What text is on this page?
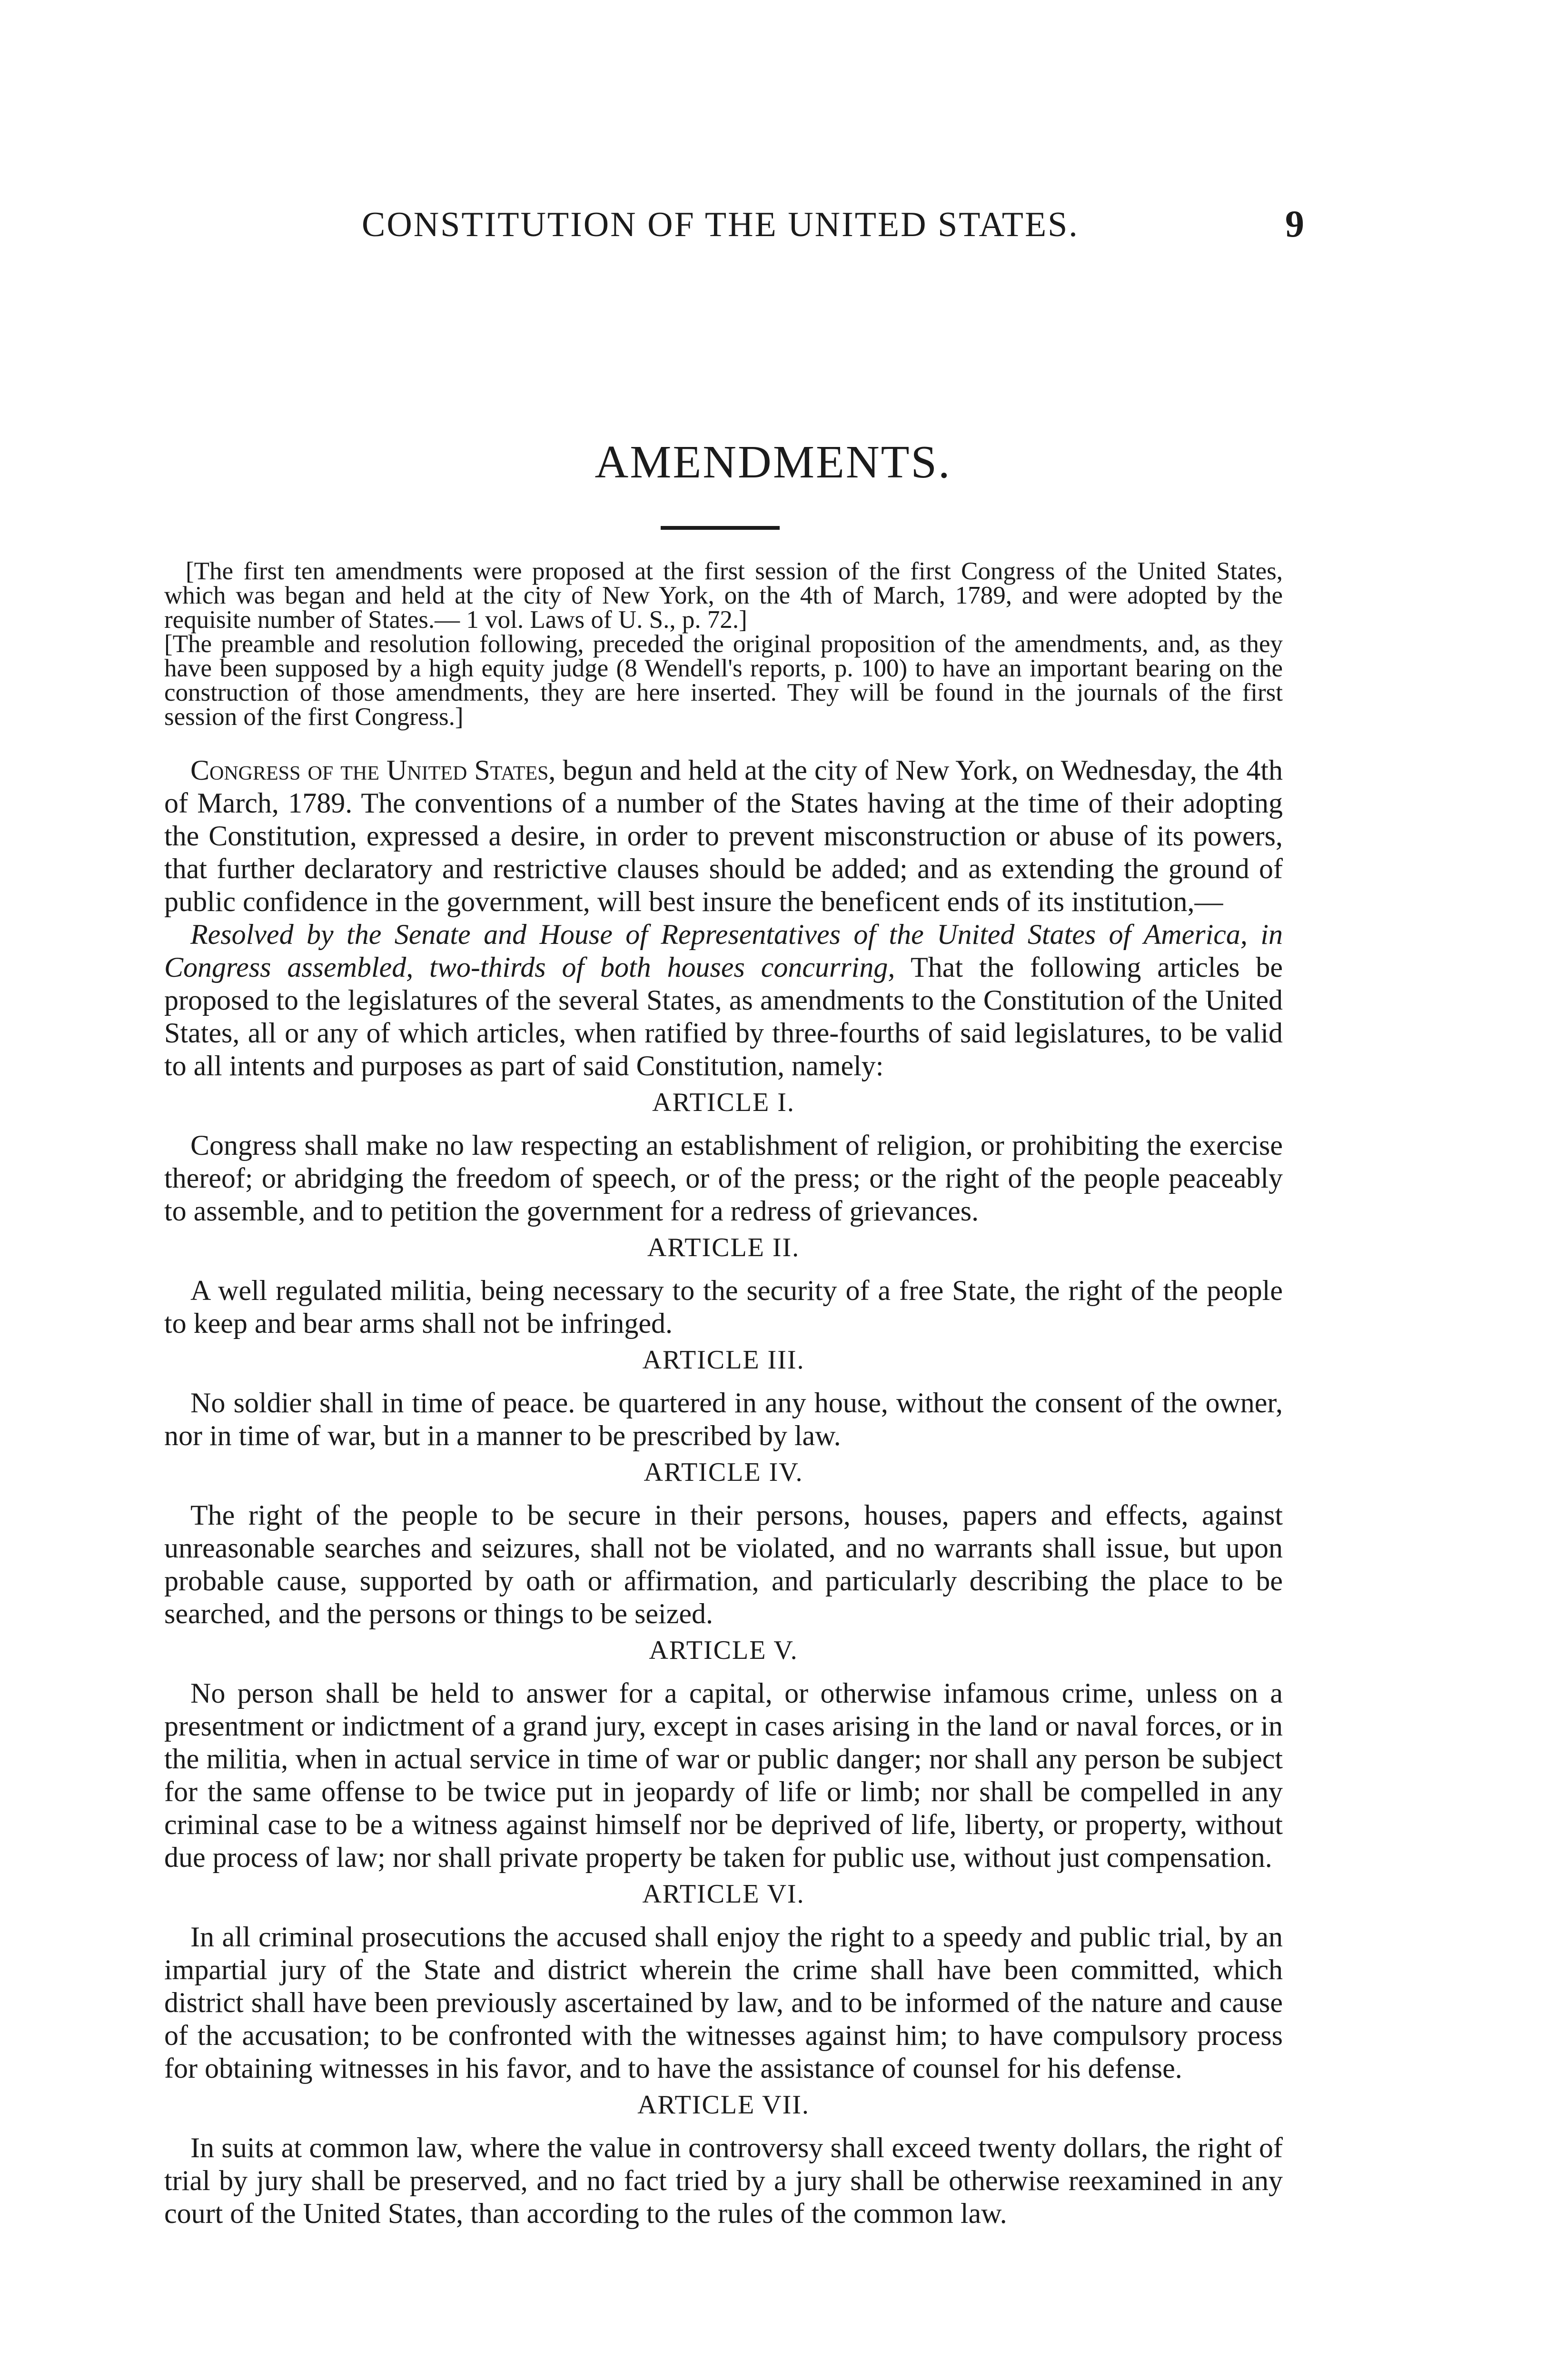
CONSTITUTION OF THE UNITED STATES.	9
AMENDMENTS.

[The first ten amendments were proposed at the first session of the first Congress of the United States, which was began and held at the city of New York, on the 4th of March, 1789, and were adopted by the requisite number of States.— 1 vol. Laws of U. S., p. 72.]

[The preamble and resolution following, preceded the original proposition of the amendments, and, as they have been supposed by a high equity judge (8 Wendell's reports, p. 100) to have an important bearing on the construction of those amendments, they are here inserted. They will be found in the journals of the first session of the first Congress.]

Congress of the United States, begun and held at the city of New York, on Wednesday, the 4th of March, 1789. The conventions of a number of the States having at the time of their adopting the Constitution, expressed a desire, in order to prevent misconstruction or abuse of its powers, that further declaratory and restrictive clauses should be added; and as extending the ground of public confidence in the government, will best insure the beneficent ends of its institution,—

Resolved by the Senate and House of Representatives of the United States of America, in Congress assembled, two-thirds of both houses concurring, That the following articles be proposed to the legislatures of the several States, as amendments to the Constitution of the United States, all or any of which articles, when ratified by three-fourths of said legislatures, to be valid to all intents and purposes as part of said Constitution, namely:

ARTICLE I.

Congress shall make no law respecting an establishment of religion, or prohibiting the exercise thereof; or abridging the freedom of speech, or of the press; or the right of the people peaceably to assemble, and to petition the government for a redress of grievances.

ARTICLE II.

A well regulated militia, being necessary to the security of a free State, the right of the people to keep and bear arms shall not be infringed.

ARTICLE III.

No soldier shall in time of peace. be quartered in any house, without the consent of the owner, nor in time of war, but in a manner to be prescribed by law.

ARTICLE IV.

The right of the people to be secure in their persons, houses, papers and effects, against unreasonable searches and seizures, shall not be violated, and no warrants shall issue, but upon probable cause, supported by oath or affirmation, and particularly describing the place to be searched, and the persons or things to be seized.

ARTICLE V.

No person shall be held to answer for a capital, or otherwise infamous crime, unless on a presentment or indictment of a grand jury, except in cases arising in the land or naval forces, or in the militia, when in actual service in time of war or public danger; nor shall any person be subject for the same offense to be twice put in jeopardy of life or limb; nor shall be compelled in any criminal case to be a witness against himself nor be deprived of life, liberty, or property, without due process of law; nor shall private property be taken for public use, without just compensation.

ARTICLE VI.

In all criminal prosecutions the accused shall enjoy the right to a speedy and public trial, by an impartial jury of the State and district wherein the crime shall have been committed, which district shall have been previously ascertained by law, and to be informed of the nature and cause of the accusation; to be confronted with the witnesses against him; to have compulsory process for obtaining witnesses in his favor, and to have the assistance of counsel for his defense.

ARTICLE VII.

In suits at common law, where the value in controversy shall exceed twenty dollars, the right of trial by jury shall be preserved, and no fact tried by a jury shall be otherwise reexamined in any court of the United States, than according to the rules of the common law.
